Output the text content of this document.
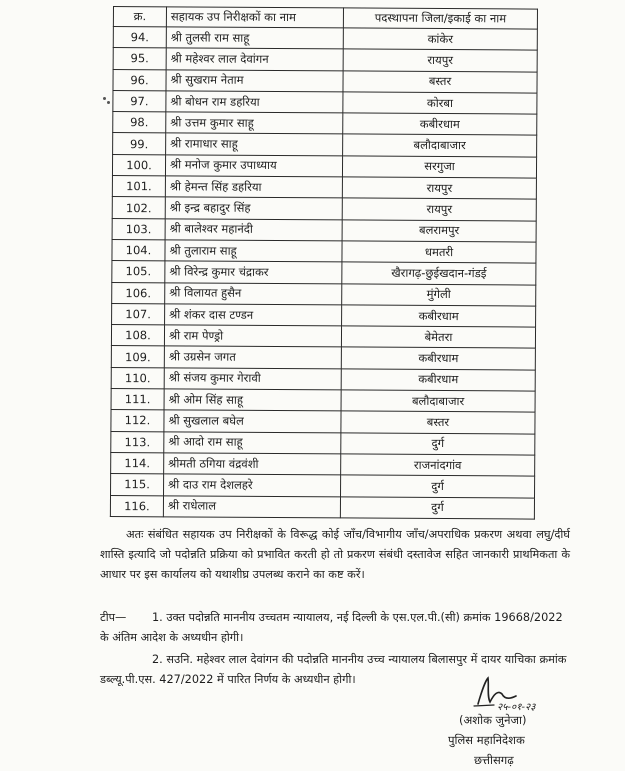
क्र.	सहायक उप निरीक्षकों का नाम	पदस्थापना जिला/इकाई का नाम
94.	श्री तुलसी राम साहू	कांकेर
95.	श्री महेश्वर लाल देवांगन	रायपुर
96.	श्री सुखराम नेताम	बस्तर
97.	श्री बोधन राम डहरिया	कोरबा
98.	श्री उत्तम कुमार साहू	कबीरधाम
99.	श्री रामाधार साहू	बलौदाबाजार
100.	श्री मनोज कुमार उपाध्याय	सरगुजा
101.	श्री हेमन्त सिंह डहरिया	रायपुर
102.	श्री इन्द्र बहादुर सिंह	रायपुर
103.	श्री बालेश्वर महानंदी	बलरामपुर
104.	श्री तुलाराम साहू	धमतरी
105.	श्री विरेन्द्र कुमार चंद्राकर	खैरागढ़-छुईखदान-गंडई
106.	श्री विलायत हुसैन	मुंगेली
107.	श्री शंकर दास टण्डन	कबीरधाम
108.	श्री राम पेण्ड्रो	बेमेतरा
109.	श्री उग्रसेन जगत	कबीरधाम
110.	श्री संजय कुमार गेरावी	कबीरधाम
111.	श्री ओम सिंह साहू	बलौदाबाजार
112.	श्री सुखलाल बघेल	बस्तर
113.	श्री आदो राम साहू	दुर्ग
114.	श्रीमती ठगिया वंद्रवंशी	राजनांदगांव
115.	श्री दाउ राम देशलहरे	दुर्ग
116.	श्री राधेलाल	दुर्ग
अतः संबंधित सहायक उप निरीक्षकों के विरूद्ध कोई जाँच/विभागीय जाँच/अपराधिक प्रकरण अथवा लघु/दीर्घ शास्ति इत्यादि जो पदोन्नति प्रक्रिया को प्रभावित करती हो तो प्रकरण संबंधी दस्तावेज सहित जानकारी प्राथमिकता के आधार पर इस कार्यालय को यथाशीघ्र उपलब्ध कराने का कष्ट करें।
टीप— 1. उक्त पदोन्नति माननीय उच्चतम न्यायालय, नई दिल्ली के एस.एल.पी.(सी) क्रमांक 19668/2022 के अंतिम आदेश के अध्यधीन होगी।
2. सउनि. महेश्वर लाल देवांगन की पदोन्नति माननीय उच्च न्यायालय बिलासपुर में दायर याचिका क्रमांक डब्ल्यू.पी.एस. 427/2022 में पारित निर्णय के अध्यधीन होगी।
२५-०१-२३
(अशोक जुनेजा)
पुलिस महानिदेशक
छत्तीसगढ़
